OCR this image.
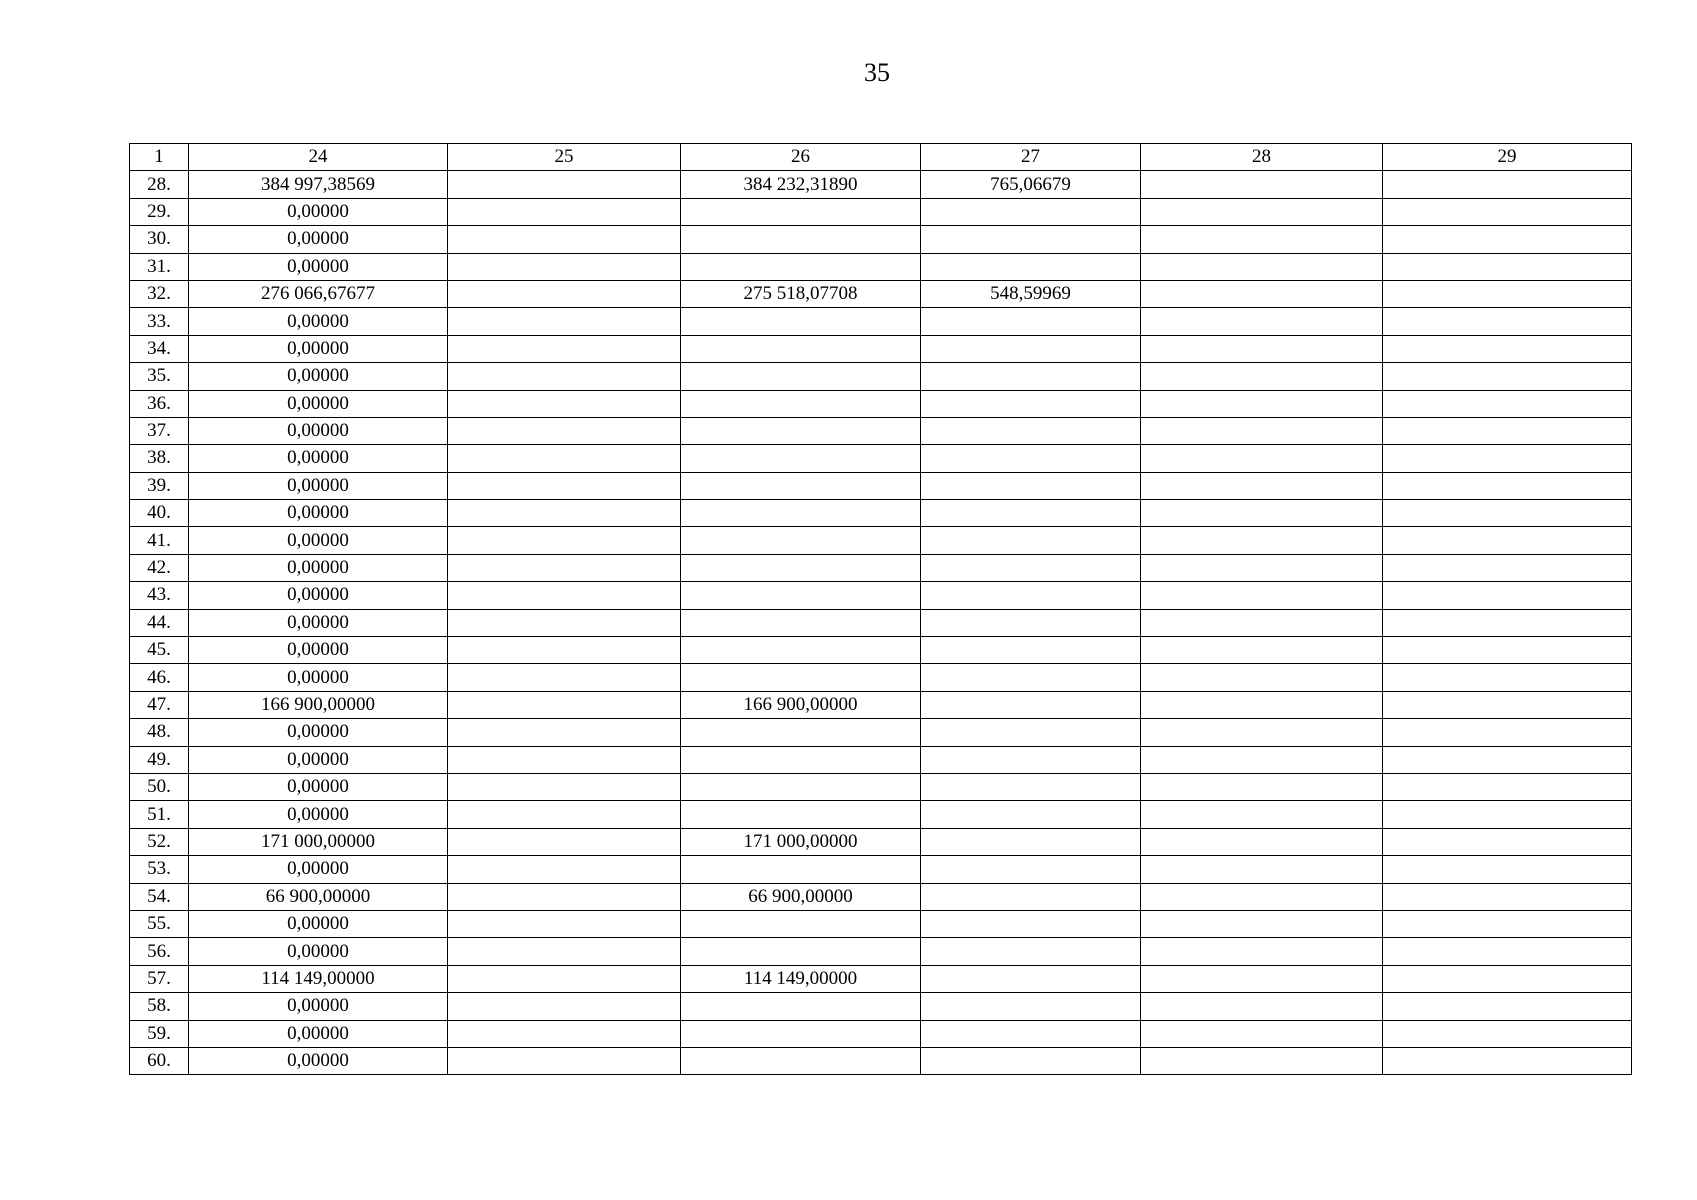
35
1	24	25	26	27	28	29
28.	384 997,38569		384 232,31890	765,06679		
29.	0,00000					
30.	0,00000					
31.	0,00000					
32.	276 066,67677		275 518,07708	548,59969		
33.	0,00000					
34.	0,00000					
35.	0,00000					
36.	0,00000					
37.	0,00000					
38.	0,00000					
39.	0,00000					
40.	0,00000					
41.	0,00000					
42.	0,00000					
43.	0,00000					
44.	0,00000					
45.	0,00000					
46.	0,00000					
47.	166 900,00000		166 900,00000			
48.	0,00000					
49.	0,00000					
50.	0,00000					
51.	0,00000					
52.	171 000,00000		171 000,00000			
53.	0,00000					
54.	66 900,00000		66 900,00000			
55.	0,00000					
56.	0,00000					
57.	114 149,00000		114 149,00000			
58.	0,00000					
59.	0,00000					
60.	0,00000					
